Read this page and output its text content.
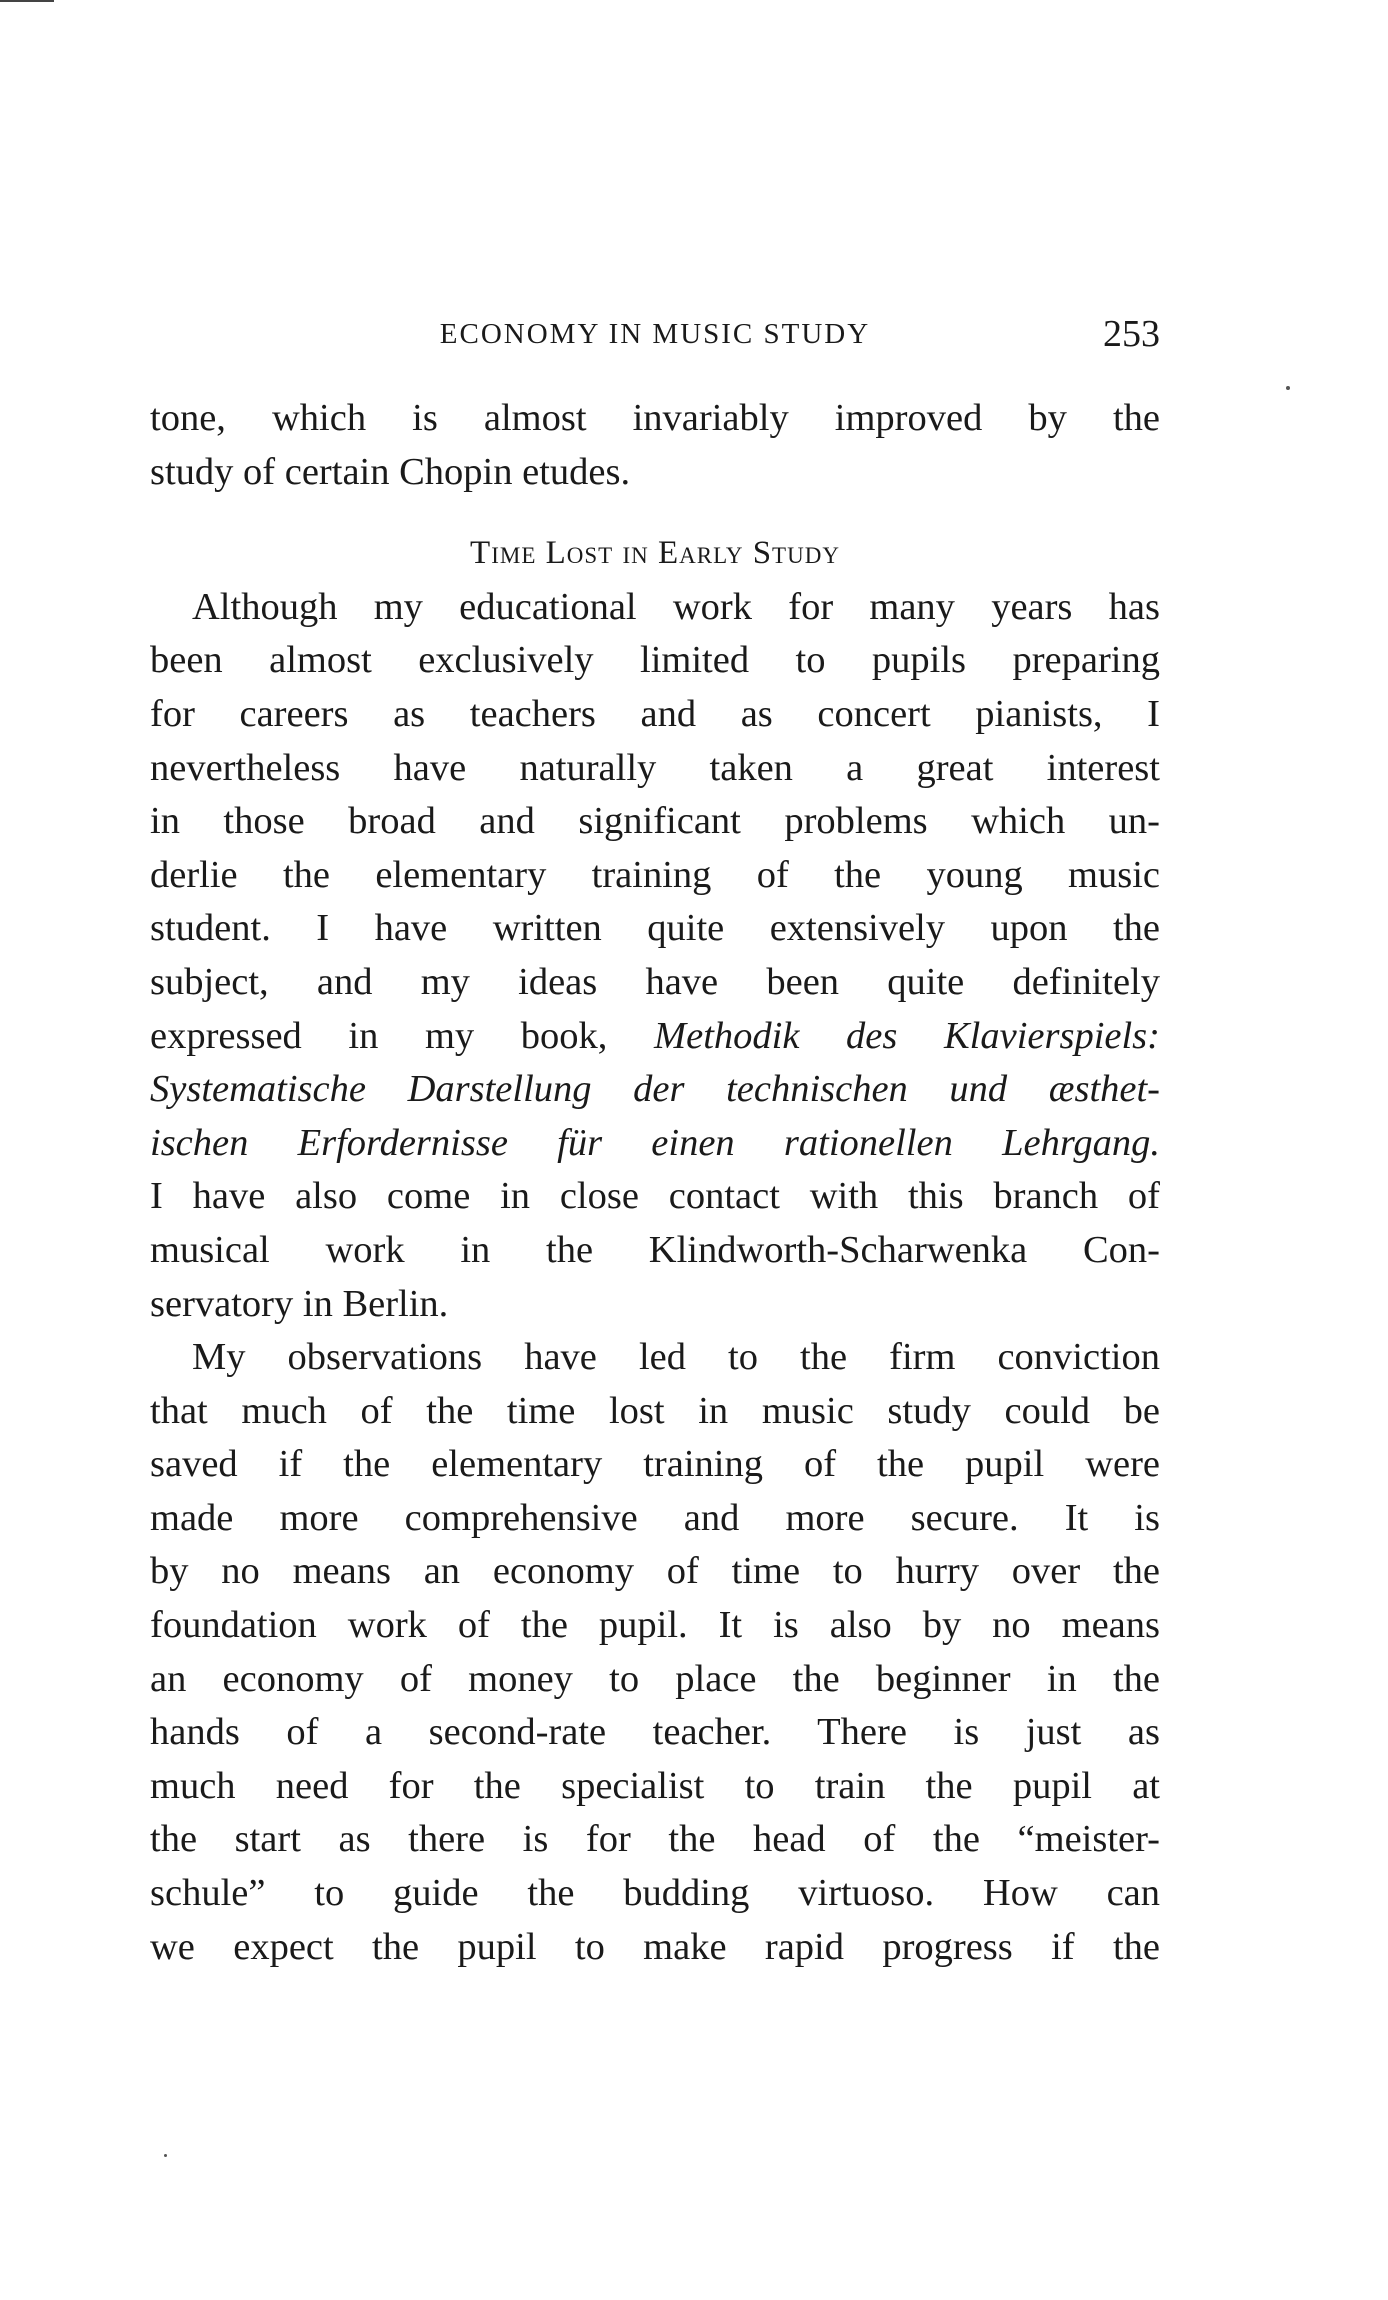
ECONOMY IN MUSIC STUDY	253
tone, which is almost invariably improved by the
study of certain Chopin etudes.
Time Lost in Early Study
Although my educational work for many years has
been almost exclusively limited to pupils preparing
for careers as teachers and as concert pianists, I
nevertheless have naturally taken a great interest
in those broad and significant problems which un-
derlie the elementary training of the young music
student. I have written quite extensively upon the
subject, and my ideas have been quite definitely
expressed in my book, Methodik des Klavierspiels:
Systematische Darstellung der technischen und æsthet-
ischen Erfordernisse für einen rationellen Lehrgang.
I have also come in close contact with this branch of
musical work in the Klindworth-Scharwenka Con-
servatory in Berlin.
My observations have led to the firm conviction
that much of the time lost in music study could be
saved if the elementary training of the pupil were
made more comprehensive and more secure. It is
by no means an economy of time to hurry over the
foundation work of the pupil. It is also by no means
an economy of money to place the beginner in the
hands of a second-rate teacher. There is just as
much need for the specialist to train the pupil at
the start as there is for the head of the “meister-
schule” to guide the budding virtuoso. How can
we expect the pupil to make rapid progress if the
